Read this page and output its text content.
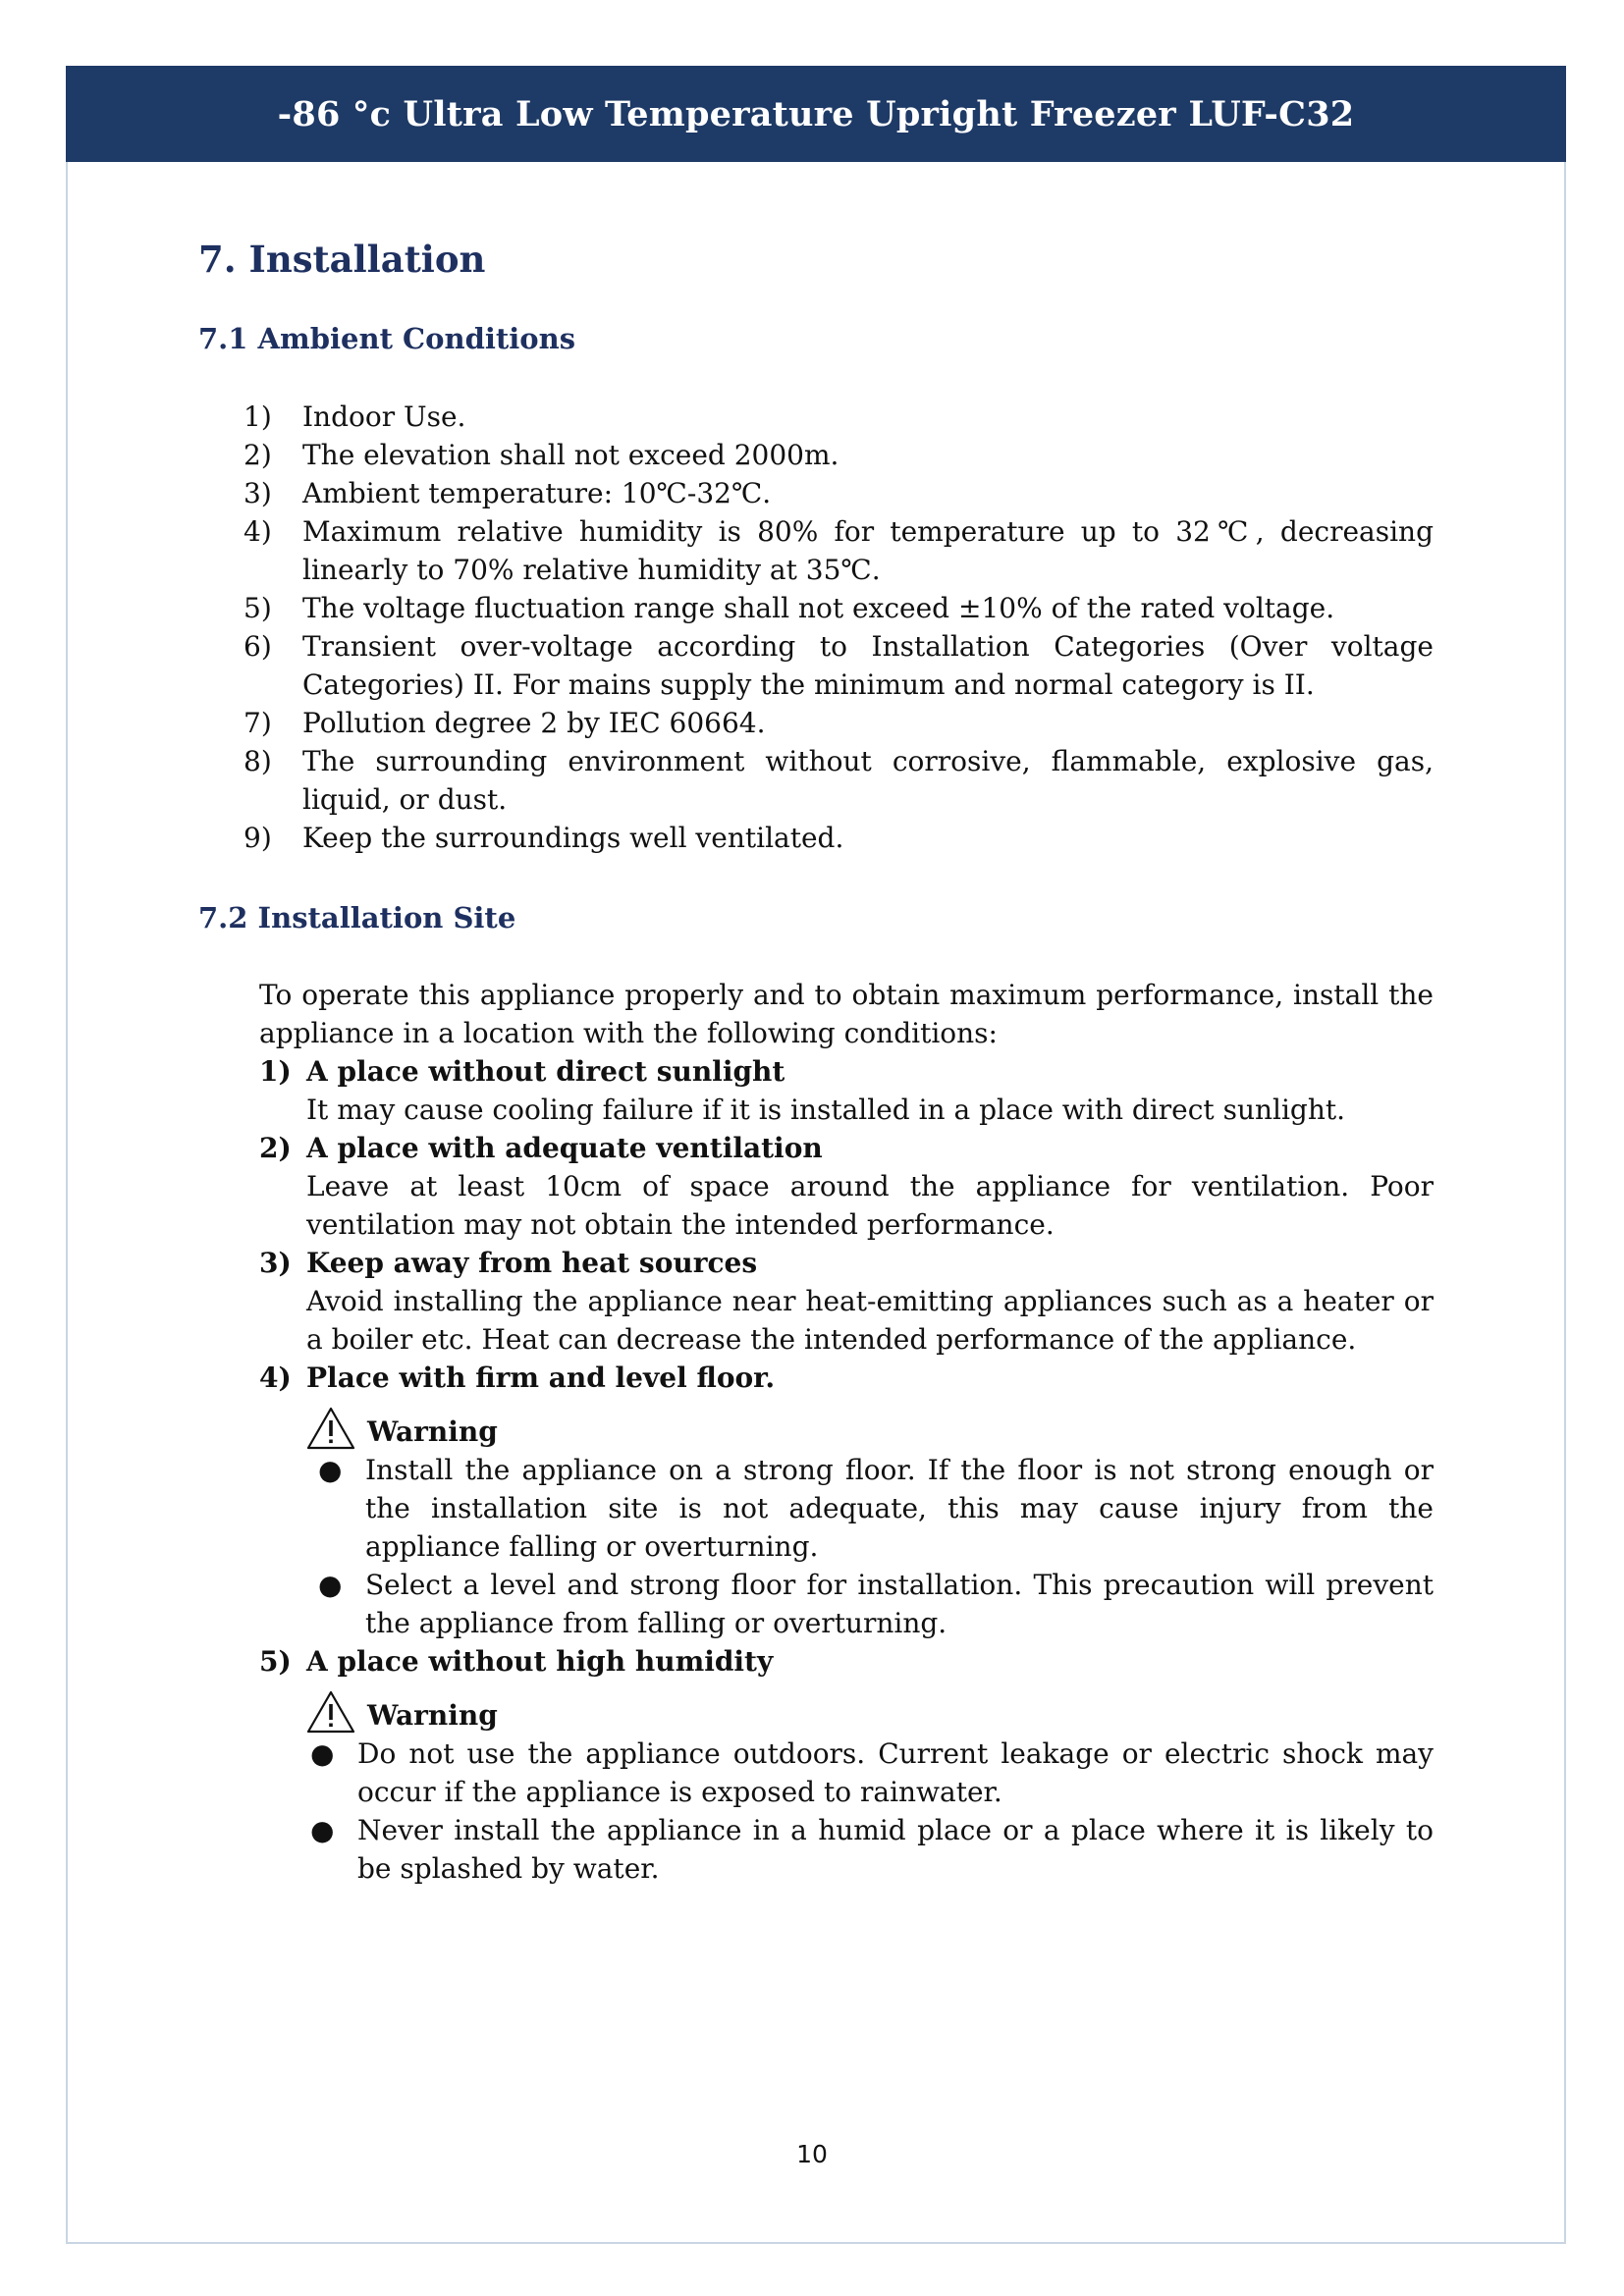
-86 °c Ultra Low Temperature Upright Freezer LUF-C32
7. Installation
7.1 Ambient Conditions
1)	Indoor Use.
2)	The elevation shall not exceed 2000m.
3)	Ambient temperature: 10℃-32℃.
4)	Maximum relative humidity is 80% for temperature up to 32℃, decreasing linearly to 70% relative humidity at 35℃.
5)	The voltage fluctuation range shall not exceed ±10% of the rated voltage.
6)	Transient over-voltage according to Installation Categories (Over voltage Categories) II. For mains supply the minimum and normal category is II.
7)	Pollution degree 2 by IEC 60664.
8)	The surrounding environment without corrosive, flammable, explosive gas, liquid, or dust.
9)	Keep the surroundings well ventilated.
7.2 Installation Site

To operate this appliance properly and to obtain maximum performance, install the appliance in a location with the following conditions:

1) A place without direct sunlight
It may cause cooling failure if it is installed in a place with direct sunlight.
2) A place with adequate ventilation
Leave at least 10cm of space around the appliance for ventilation. Poor ventilation may not obtain the intended performance.
3) Keep away from heat sources
Avoid installing the appliance near heat-emitting appliances such as a heater or a boiler etc. Heat can decrease the intended performance of the appliance.
4) Place with firm and level floor.
Warning
● Install the appliance on a strong floor. If the floor is not strong enough or the installation site is not adequate, this may cause injury from the appliance falling or overturning.
● Select a level and strong floor for installation. This precaution will prevent the appliance from falling or overturning.
5) A place without high humidity
Warning
● Do not use the appliance outdoors. Current leakage or electric shock may occur if the appliance is exposed to rainwater.
● Never install the appliance in a humid place or a place where it is likely to be splashed by water.
10
